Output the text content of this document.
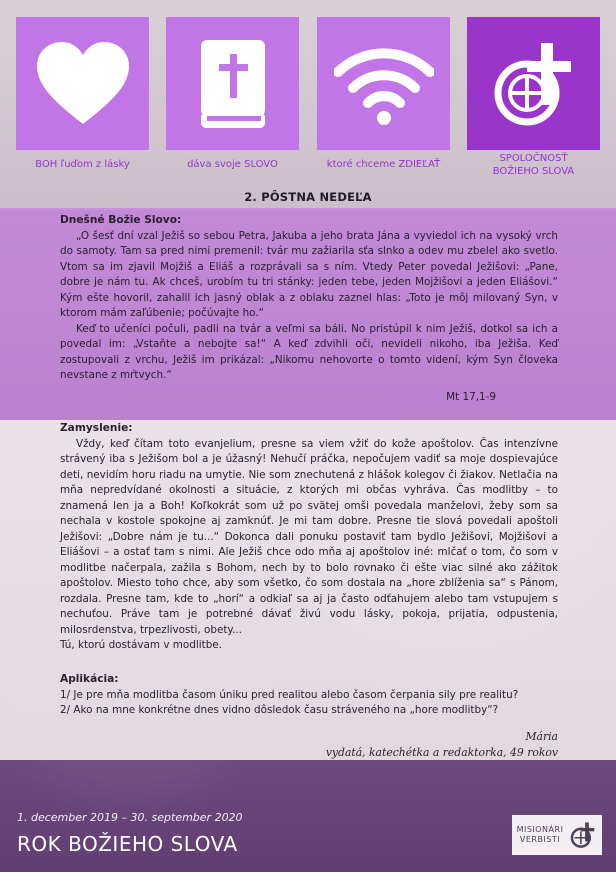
BOH ľuďom z lásky	dáva svoje SLOVO	ktoré chceme ZDIEĽAŤ
SPOLOČNOSŤ
BOŽIEHO SLOVA
2. PÔSTNA NEDEĽA
Dnešné Božie Slovo:

„O šesť dní vzal Ježiš so sebou Petra, Jakuba a jeho brata Jána a vyviedol ich na vysoký vrch do samoty. Tam sa pred nimi premenil: tvár mu zažiarila sťa slnko a odev mu zbelel ako svetlo. Vtom sa im zjavil Mojžiš a Eliáš a rozprávali sa s ním. Vtedy Peter povedal Ježišovi: „Pane, dobre je nám tu. Ak chceš, urobím tu tri stánky: jeden tebe, jeden Mojžišovi a jeden Eliášovi.“ Kým ešte hovoril, zahalil ich jasný oblak a z oblaku zaznel hlas: „Toto je môj milovaný Syn, v ktorom mám zaľúbenie; počúvajte ho.“

Keď to učeníci počuli, padli na tvár a veľmi sa báli. No pristúpil k nim Ježiš, dotkol sa ich a povedal im: „Vstaňte a nebojte sa!“ A keď zdvihli oči, nevideli nikoho, iba Ježiša. Keď zostupovali z vrchu, Ježiš im prikázal: „Nikomu nehovorte o tomto videní, kým Syn človeka nevstane z mŕtvych.“

Mt 17,1-9
Zamyslenie:

Vždy, keď čítam toto evanjelium, presne sa viem vžiť do kože apoštolov. Čas intenzívne strávený iba s Ježišom bol a je úžasný! Nehučí práčka, nepočujem vadiť sa moje dospievajúce deti, nevidím horu riadu na umytie. Nie som znechutená z hlášok kolegov či žiakov. Netlačia na mňa nepredvídané okolnosti a situácie, z ktorých mi občas vyhráva. Čas modlitby – to znamená len ja a Boh! Koľkokrát som už po svätej omši povedala manželovi, žeby som sa nechala v kostole spokojne aj zamknúť. Je mi tam dobre. Presne tie slová povedali apoštoli Ježišovi: „Dobre nám je tu...“ Dokonca dali ponuku postaviť tam bydlo Ježišovi, Mojžišovi a Eliášovi – a ostať tam s nimi. Ale Ježiš chce odo mňa aj apoštolov iné: mlčať o tom, čo som v modlitbe načerpala, zažila s Bohom, nech by to bolo rovnako či ešte viac silné ako zážitok apoštolov. Miesto toho chce, aby som všetko, čo som dostala na „hore zblíženia sa“ s Pánom, rozdala. Presne tam, kde to „horí“ a odkiaľ sa aj ja často odťahujem alebo tam vstupujem s nechuťou. Práve tam je potrebné dávať živú vodu lásky, pokoja, prijatia, odpustenia, milosrdenstva, trpezlivosti, obety...

Tú, ktorú dostávam v modlitbe.
Aplikácia:
1/ Je pre mňa modlitba časom úniku pred realitou alebo časom čerpania sily pre realitu?
2/ Ako na mne konkrétne dnes vidno dôsledok času stráveného na „hore modlitby“?
Mária
vydatá, katechétka a redaktorka, 49 rokov
1. december 2019 – 30. september 2020
ROK BOŽIEHO SLOVA
MISIONÁRI
VERBISTI
